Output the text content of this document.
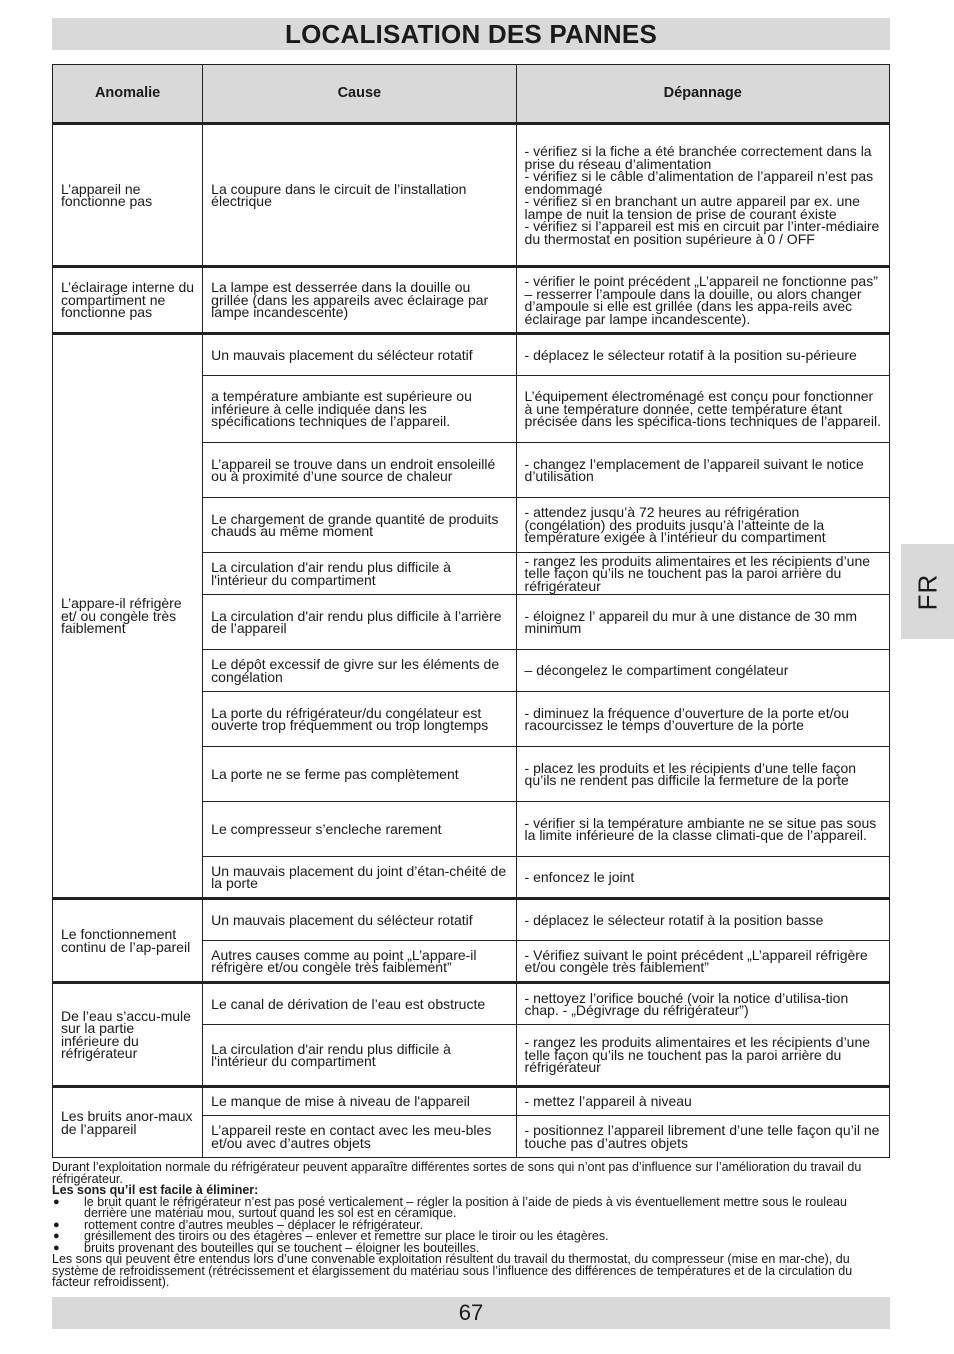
LOCALISATION DES PANNES
FR
Anomalie	Cause	Dépannage
L’appareil ne fonctionne pas	La coupure dans le circuit de l’installation électrique	- vérifiez si la fiche a été branchée correctement dans la prise du réseau d’alimentation
- vérifiez si le câble d’alimentation de l’appareil n’est pas endommagé
- vérifiez si en branchant un autre appareil par ex. une lampe de nuit la tension de prise de courant éxiste
- vérifiez si l’appareil est mis en circuit par l’inter-médiaire du thermostat en position supérieure à 0 / OFF
L’éclairage interne du compartiment ne fonctionne pas	La lampe est desserrée dans la douille ou grillée (dans les appareils avec éclairage par lampe incandescente)	- vérifier le point précédent „L’appareil ne fonctionne pas” – resserrer l’ampoule dans la douille, ou alors changer d’ampoule si elle est grillée (dans les appa-reils avec éclairage par lampe incandescente).
L’appare-il réfrigère et/ ou congèle très faiblement	Un mauvais placement du sélécteur rotatif	- déplacez le sélecteur rotatif à la position su-périeure
	a température ambiante est supérieure ou inférieure à celle indiquée dans les spécifications techniques de l’appareil.	L’équipement électroménagé est conçu pour fonctionner à une température donnée, cette température étant précisée dans les spécifica-tions techniques de l’appareil.
	L’appareil se trouve dans un endroit ensoleillé ou à proximité d’une source de chaleur	- changez l’emplacement de l’appareil suivant le notice d’utilisation
	Le chargement de grande quantité de produits chauds au même moment	- attendez jusqu’à 72 heures au réfrigération (congélation) des produits jusqu’à l’atteinte de la température exigée à l’intérieur du compartiment
	La circulation d'air rendu plus difficile à l'intérieur du compartiment	- rangez les produits alimentaires et les récipients d’une telle façon qu’ils ne touchent pas la paroi arrière du réfrigérateur
	La circulation d'air rendu plus difficile à l’arrière de l’appareil	- éloignez l’ appareil du mur à une distance de 30 mm minimum
	Le dépôt excessif de givre sur les éléments de congélation	– décongelez le compartiment congélateur
	La porte du réfrigérateur/du congélateur est ouverte trop fréquemment ou trop longtemps	- diminuez la fréquence d’ouverture de la porte et/ou racourcissez le temps d’ouverture de la porte
	La porte ne se ferme pas complètement	- placez les produits et les récipients d’une telle façon qu’ils ne rendent pas difficile la fermeture de la porte
	Le compresseur s’encleche rarement	- vérifier si la température ambiante ne se situe pas sous la limite inférieure de la classe climati-que de l’appareil.
	Un mauvais placement du joint d’étan-chéité de la porte	- enfoncez le joint
Le fonctionnement continu de l’ap-pareil	Un mauvais placement du sélécteur rotatif	- déplacez le sélecteur rotatif à la position basse
	Autres causes comme au point „L’appare-il réfrigère et/ou congèle très faiblement”	- Vérifiez suivant le point précédent „L’appareil réfrigère et/ou congèle très faiblement”
De l’eau s’accu-mule sur la partie inférieure du réfrigérateur	Le canal de dérivation de l’eau est obstructe	- nettoyez l’orifice bouché (voir la notice d’utilisa-tion chap. - „Dégivrage du réfrigérateur”)
	La circulation d'air rendu plus difficile à l'intérieur du compartiment	- rangez les produits alimentaires et les récipients d’une telle façon qu’ils ne touchent pas la paroi arrière du réfrigérateur
Les bruits anor-maux de l’appareil	Le manque de mise à niveau de l'appareil	- mettez l’appareil à niveau
	L’appareil reste en contact avec les meu-bles et/ou avec d’autres objets	- positionnez l’appareil librement d’une telle façon qu’il ne touche pas d’autres objets

Durant l’exploitation normale du réfrigérateur peuvent apparaître différentes sortes de sons qui n’ont pas d’influence sur l’amélioration du travail du réfrigérateur.

Les sons qu’il est facile à éliminer:

● le bruit quant le réfrigérateur n’est pas posé verticalement – régler la position à l’aide de pieds à vis éventuellement mettre sous le rouleau derrière une matériau mou, surtout quand les sol est en céramique.
● rottement contre d’autres meubles – déplacer le réfrigérateur.
● grésillement des tiroirs ou des étagères – enlever et remettre sur place le tiroir ou les étagères.
● bruits provenant des bouteilles qui se touchent – éloigner les bouteilles.

Les sons qui peuvent être entendus lors d’une convenable exploitation résultent du travail du thermostat, du compresseur (mise en mar-che), du système de refroidissement (rétrécissement et élargissement du matériau sous l’influence des différences de températures et de la circulation du facteur refroidissent).

67
